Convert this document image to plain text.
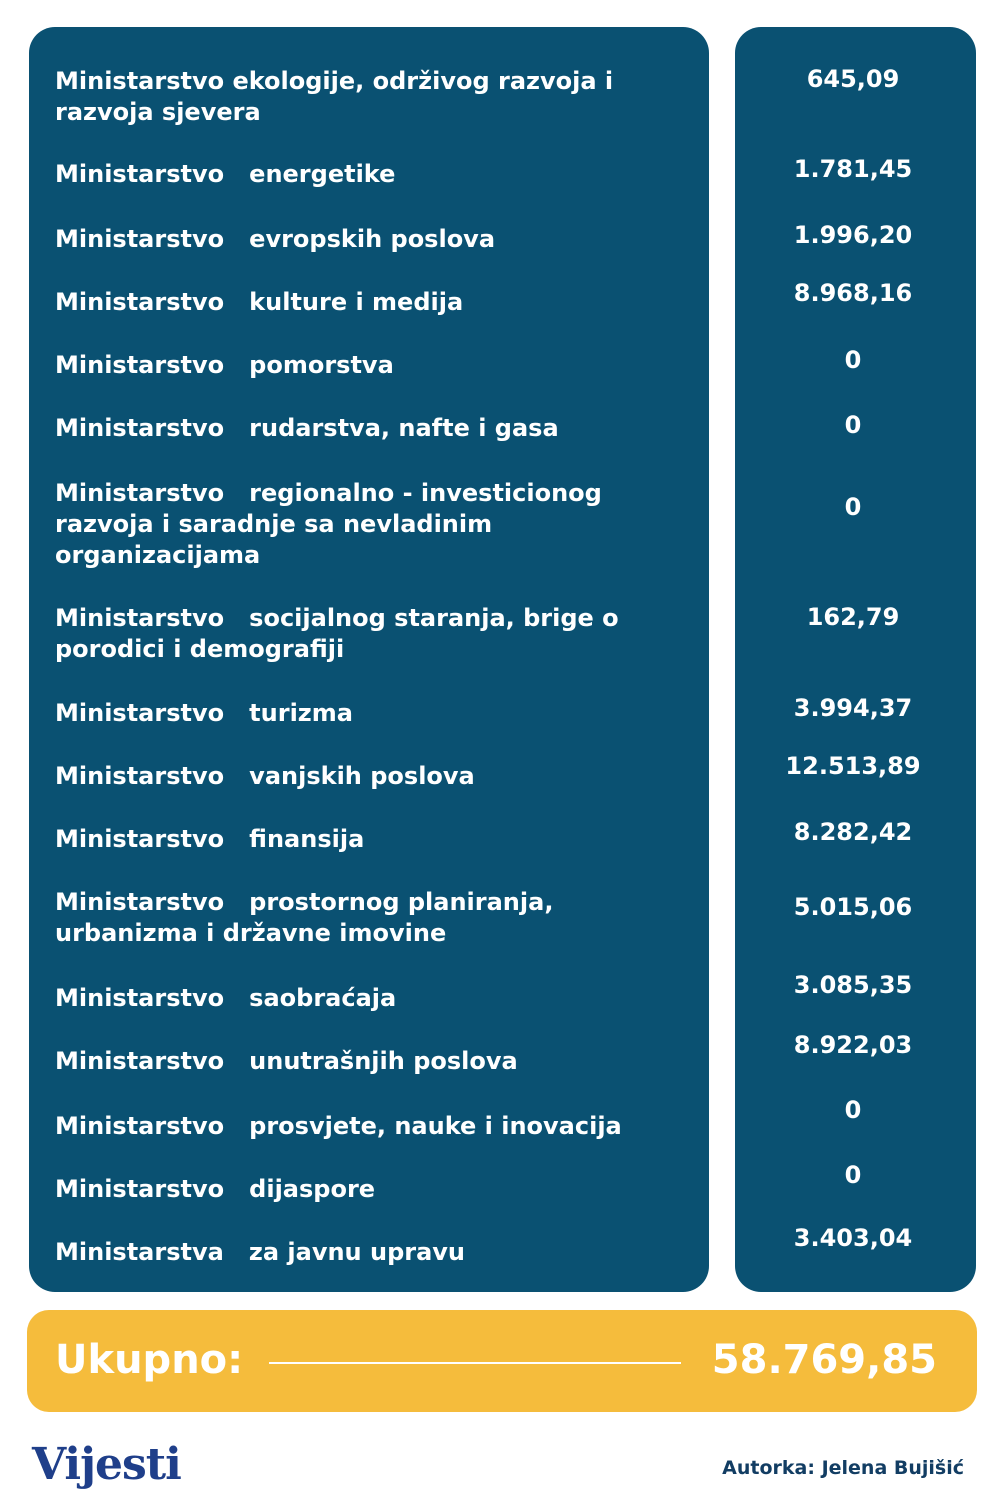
Ministarstvo ekologije, održivog razvoja i
razvoja sjevera
645,09
Ministarstvo   energetike	1.781,45
Ministarstvo   evropskih poslova	1.996,20
Ministarstvo   kulture i medija	8.968,16
Ministarstvo   pomorstva	0
Ministarstvo   rudarstva, nafte i gasa	0
Ministarstvo   regionalno - investicionog
razvoja i saradnje sa nevladinim
organizacijama
0
Ministarstvo   socijalnog staranja, brige o
porodici i demografiji
162,79
Ministarstvo   turizma	3.994,37
Ministarstvo   vanjskih poslova	12.513,89
Ministarstvo   finansija	8.282,42
Ministarstvo   prostornog planiranja,
urbanizma i državne imovine
5.015,06
Ministarstvo   saobraćaja	3.085,35
Ministarstvo   unutrašnjih poslova
8.922,03
Ministarstvo   prosvjete, nauke i inovacija
0
Ministarstvo   dijaspore	0
Ministarstva   za javnu upravu	3.403,04
Ukupno:	58.769,85
Vijesti	Autorka: Jelena Bujišić
